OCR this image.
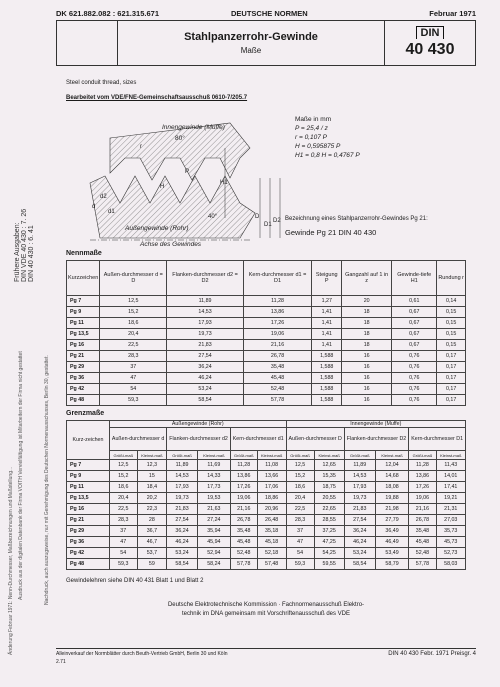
DK 621.882.082 : 621.315.671	DEUTSCHE NORMEN	Februar 1971
Stahlpanzerrohr-Gewinde
Maße
DIN
40 430
Frühere Ausgaben: DIN VDE 40 430 : 7. 26 DIN 40 430 : 6. 41
Ausdruck aus der digitalen Datenbank der Firma VOITH Vervielfältigung ist Mitarbeitern der Firma nicht gestattet	Nachdruck, auch auszugsweise, nur mit Genehmigung des Deutschen Normenausschusses, Berlin 30, gestattet.
Änderung Februar 1971: Nenn-Durchmesser, Maßbezeichnungen und Maßstellung...
Steel conduit thread, sizes
Bearbeitet vom VDE/FNE-Gemeinschaftsausschuß 0610-7/205.7
Innengewinde (Muffe)
Außengewinde (Rohr)
Achse des Gewindes
80°
P
r
H
H1
D
D1
D2
d
d1
d2
40°
Maße in mm
P = 25,4 / z
r = 0,107 P
H = 0,595875 P
H1 = 0,8 H = 0,4767 P
Bezeichnung eines Stahlpanzerrohr-Gewindes Pg 21:
Gewinde Pg 21 DIN 40 430
Nennmaße
Kurzzeichen	Außen-durchmesser d = D	Flanken-durchmesser d2 = D2	Kern-durchmesser d1 = D1	Steigung P	Gangzahl auf 1 in z	Gewinde-tiefe H1	Rundung r
Pg 7	12,5	11,89	11,28	1,27	20	0,61	0,14
Pg 9	15,2	14,53	13,86	1,41	18	0,67	0,15
Pg 11	18,6	17,93	17,26	1,41	18	0,67	0,15
Pg 13,5	20,4	19,73	19,06	1,41	18	0,67	0,15
Pg 16	22,5	21,83	21,16	1,41	18	0,67	0,15
Pg 21	28,3	27,54	26,78	1,588	16	0,76	0,17
Pg 29	37	36,24	35,48	1,588	16	0,76	0,17
Pg 36	47	46,24	45,48	1,588	16	0,76	0,17
Pg 42	54	53,24	52,48	1,588	16	0,76	0,17
Pg 48	59,3	58,54	57,78	1,588	16	0,76	0,17
Grenzmaße
Kurz-zeichen	Außengewinde (Rohr)						Innengewinde (Muffe)					
	Außen-durchmesser d		Flanken-durchmesser d2		Kern-durchmesser d1		Außen-durchmesser D		Flanken-durchmesser D2		Kern-durchmesser D1	
	Größt-maß	Kleinst-maß	Größt-maß	Kleinst-maß	Größt-maß	Kleinst-maß	Größt-maß	Kleinst-maß	Größt-maß	Kleinst-maß	Größt-maß	Kleinst-maß
Pg 7	12,5	12,3	11,89	11,69	11,28	11,08	12,5	12,65	11,89	12,04	11,28	11,43
Pg 9	15,2	15	14,53	14,33	13,86	13,66	15,2	15,35	14,53	14,68	13,86	14,01
Pg 11	18,6	18,4	17,93	17,73	17,26	17,06	18,6	18,75	17,93	18,08	17,26	17,41
Pg 13,5	20,4	20,2	19,73	19,53	19,06	18,86	20,4	20,55	19,73	19,88	19,06	19,21
Pg 16	22,5	22,3	21,83	21,63	21,16	20,96	22,5	22,65	21,83	21,98	21,16	21,31
Pg 21	28,3	28	27,54	27,24	26,78	26,48	28,3	28,55	27,54	27,79	26,78	27,03
Pg 29	37	36,7	36,24	35,94	35,48	35,18	37	37,25	36,24	36,49	35,48	35,73
Pg 36	47	46,7	46,24	45,94	45,48	45,18	47	47,25	46,24	46,49	45,48	45,73
Pg 42	54	53,7	53,24	52,94	52,48	52,18	54	54,25	53,24	53,49	52,48	52,73
Pg 48	59,3	59	58,54	58,24	57,78	57,48	59,3	59,55	58,54	58,79	57,78	58,03
Gewindelehren siehe DIN 40 431 Blatt 1 und Blatt 2
Deutsche Elektrotechnische Kommission · Fachnormenausschuß Elektro-
technik im DNA gemeinsam mit Vorschriftenausschuß des VDE
Alleinverkauf der Normblätter durch Beuth-Vertrieb GmbH, Berlin 30 und Köln	DIN 40 430 Febr. 1971 Preisgr. 4
2.71
